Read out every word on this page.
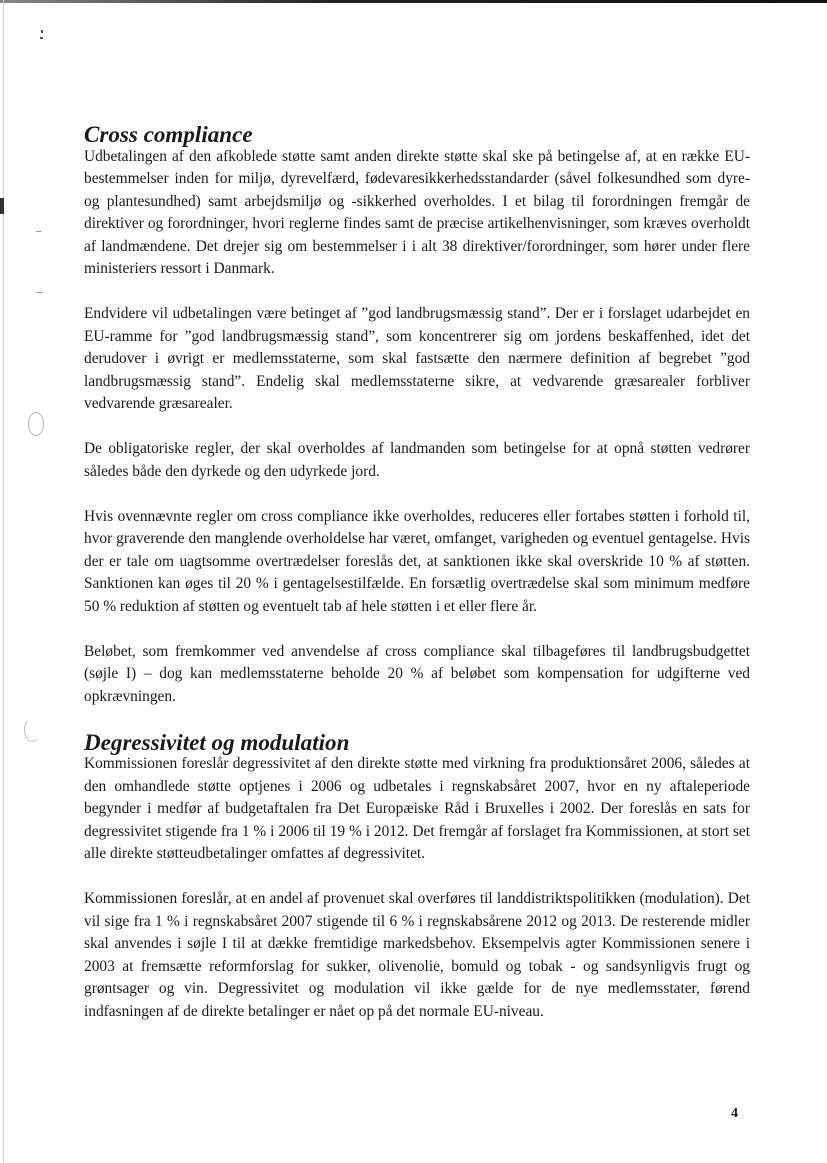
Cross compliance

Udbetalingen af den afkoblede støtte samt anden direkte støtte skal ske på betingelse af, at en række EU-bestemmelser inden for miljø, dyrevelfærd, fødevaresikkerhedsstandarder (såvel folkesundhed som dyre- og plantesundhed) samt arbejdsmiljø og -sikkerhed overholdes. I et bilag til forordningen fremgår de direktiver og forordninger, hvori reglerne findes samt de præcise artikelhenvisninger, som kræves overholdt af landmændene. Det drejer sig om bestemmelser i i alt 38 direktiver/forordninger, som hører under flere ministeriers ressort i Danmark.

Endvidere vil udbetalingen være betinget af ”god landbrugsmæssig stand”. Der er i forslaget udarbejdet en EU-ramme for ”god landbrugsmæssig stand”, som koncentrerer sig om jordens beskaffenhed, idet det derudover i øvrigt er medlemsstaterne, som skal fastsætte den nærmere definition af begrebet ”god landbrugsmæssig stand”. Endelig skal medlemsstaterne sikre, at vedvarende græsarealer forbliver vedvarende græsarealer.

De obligatoriske regler, der skal overholdes af landmanden som betingelse for at opnå støtten vedrører således både den dyrkede og den udyrkede jord.

Hvis ovennævnte regler om cross compliance ikke overholdes, reduceres eller fortabes støtten i forhold til, hvor graverende den manglende overholdelse har været, omfanget, varigheden og eventuel gentagelse. Hvis der er tale om uagtsomme overtrædelser foreslås det, at sanktionen ikke skal overskride 10 % af støtten. Sanktionen kan øges til 20 % i gentagelsestilfælde. En forsætlig overtrædelse skal som minimum medføre 50 % reduktion af støtten og eventuelt tab af hele støtten i et eller flere år.

Beløbet, som fremkommer ved anvendelse af cross compliance skal tilbageføres til landbrugsbudgettet (søjle I) – dog kan medlemsstaterne beholde 20 % af beløbet som kompensation for udgifterne ved opkrævningen.

Degressivitet og modulation

Kommissionen foreslår degressivitet af den direkte støtte med virkning fra produktionsåret 2006, således at den omhandlede støtte optjenes i 2006 og udbetales i regnskabsåret 2007, hvor en ny aftaleperiode begynder i medfør af budgetaftalen fra Det Europæiske Råd i Bruxelles i 2002. Der foreslås en sats for degressivitet stigende fra 1 % i 2006 til 19 % i 2012. Det fremgår af forslaget fra Kommissionen, at stort set alle direkte støtteudbetalinger omfattes af degressivitet.

Kommissionen foreslår, at en andel af provenuet skal overføres til landdistriktspolitikken (modulation). Det vil sige fra 1 % i regnskabsåret 2007 stigende til 6 % i regnskabsårene 2012 og 2013. De resterende midler skal anvendes i søjle I til at dække fremtidige markedsbehov. Eksempelvis agter Kommissionen senere i 2003 at fremsætte reformforslag for sukker, olivenolie, bomuld og tobak - og sandsynligvis frugt og grøntsager og vin. Degressivitet og modulation vil ikke gælde for de nye medlemsstater, førend indfasningen af de direkte betalinger er nået op på det normale EU-niveau.

4
